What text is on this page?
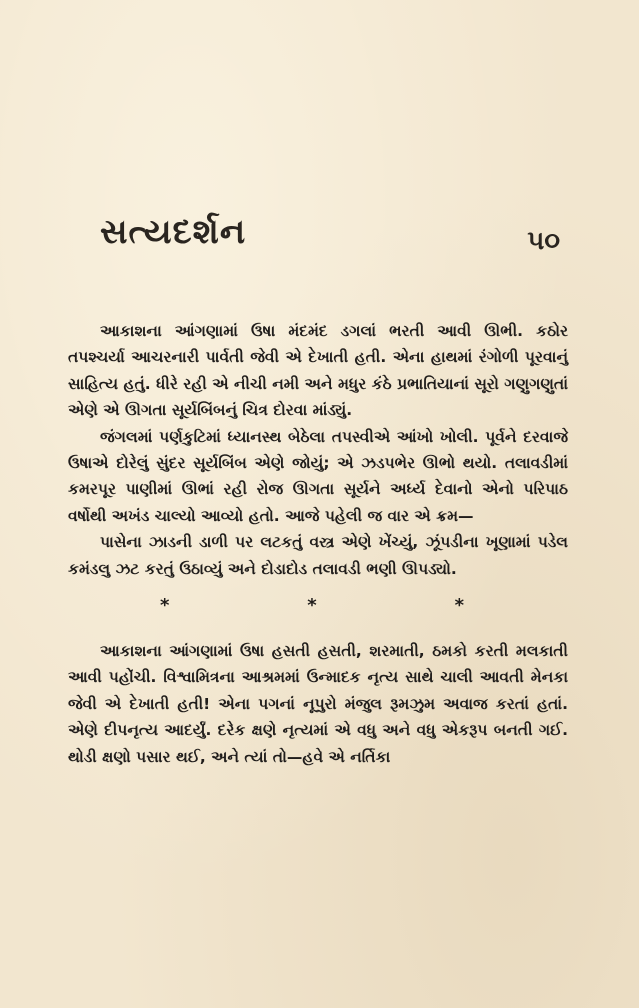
સત્યદર્શન	૫૦

આકાશના આંગણામાં ઉષા મંદમંદ ડગલાં ભરતી આવી ઊભી. કઠોર તપશ્ચર્યા આચરનારી પાર્વતી જેવી એ દેખાતી હતી. એના હાથમાં રંગોળી પૂરવાનું સાહિત્ય હતું. ધીરે રહી એ નીચી નમી અને મધુર કંઠે પ્રભાતિયાનાં સૂરો ગણુગણુતાં એણે એ ઊગતા સૂર્યબિંબનું ચિત્ર દોરવા માંડ્યું.

જંગલમાં પર્ણકુટિમાં ધ્યાનસ્થ બેઠેલા તપસ્વીએ આંખો ખોલી. પૂર્વને દરવાજે ઉષાએ દોરેલું સુંદર સૂર્યબિંબ એણે જોયું; એ ઝડપભેર ઊભો થયો. તલાવડીમાં કમરપૂર પાણીમાં ઊભાં રહી રોજ ઊગતા સૂર્યને અર્ધ્ય દેવાનો એનો પરિપાઠ વર્ષોથી અખંડ ચાલ્યો આવ્યો હતો. આજે પહેલી જ વાર એ ક્રમ—

પાસેના ઝાડની ડાળી પર લટકતું વસ્ત્ર એણે ખેંચ્યું, ઝૂંપડીના ખૂણામાં પડેલ કમંડલુ ઝટ કરતું ઉઠાવ્યું અને દોડાદોડ તલાવડી ભણી ઊપડ્યો.

*	*	*

આકાશના આંગણામાં ઉષા હસતી હસતી, શરમાતી, ઠમકો કરતી મલકાતી આવી પહોંચી. વિશ્વામિત્રના આશ્રમમાં ઉન્માદક નૃત્ય સાથે ચાલી આવતી મેનકા જેવી એ દેખાતી હતી! એના પગનાં નૂપુરો મંજુલ રૂમઝુમ અવાજ કરતાં હતાં. એણે દીપનૃત્ય આદર્યું. દરેક ક્ષણે નૃત્યમાં એ વધુ અને વધુ એકરૂપ બનતી ગઈ. થોડી ક્ષણો પસાર થઈ, અને ત્યાં તો—હવે એ નર્તિકા
